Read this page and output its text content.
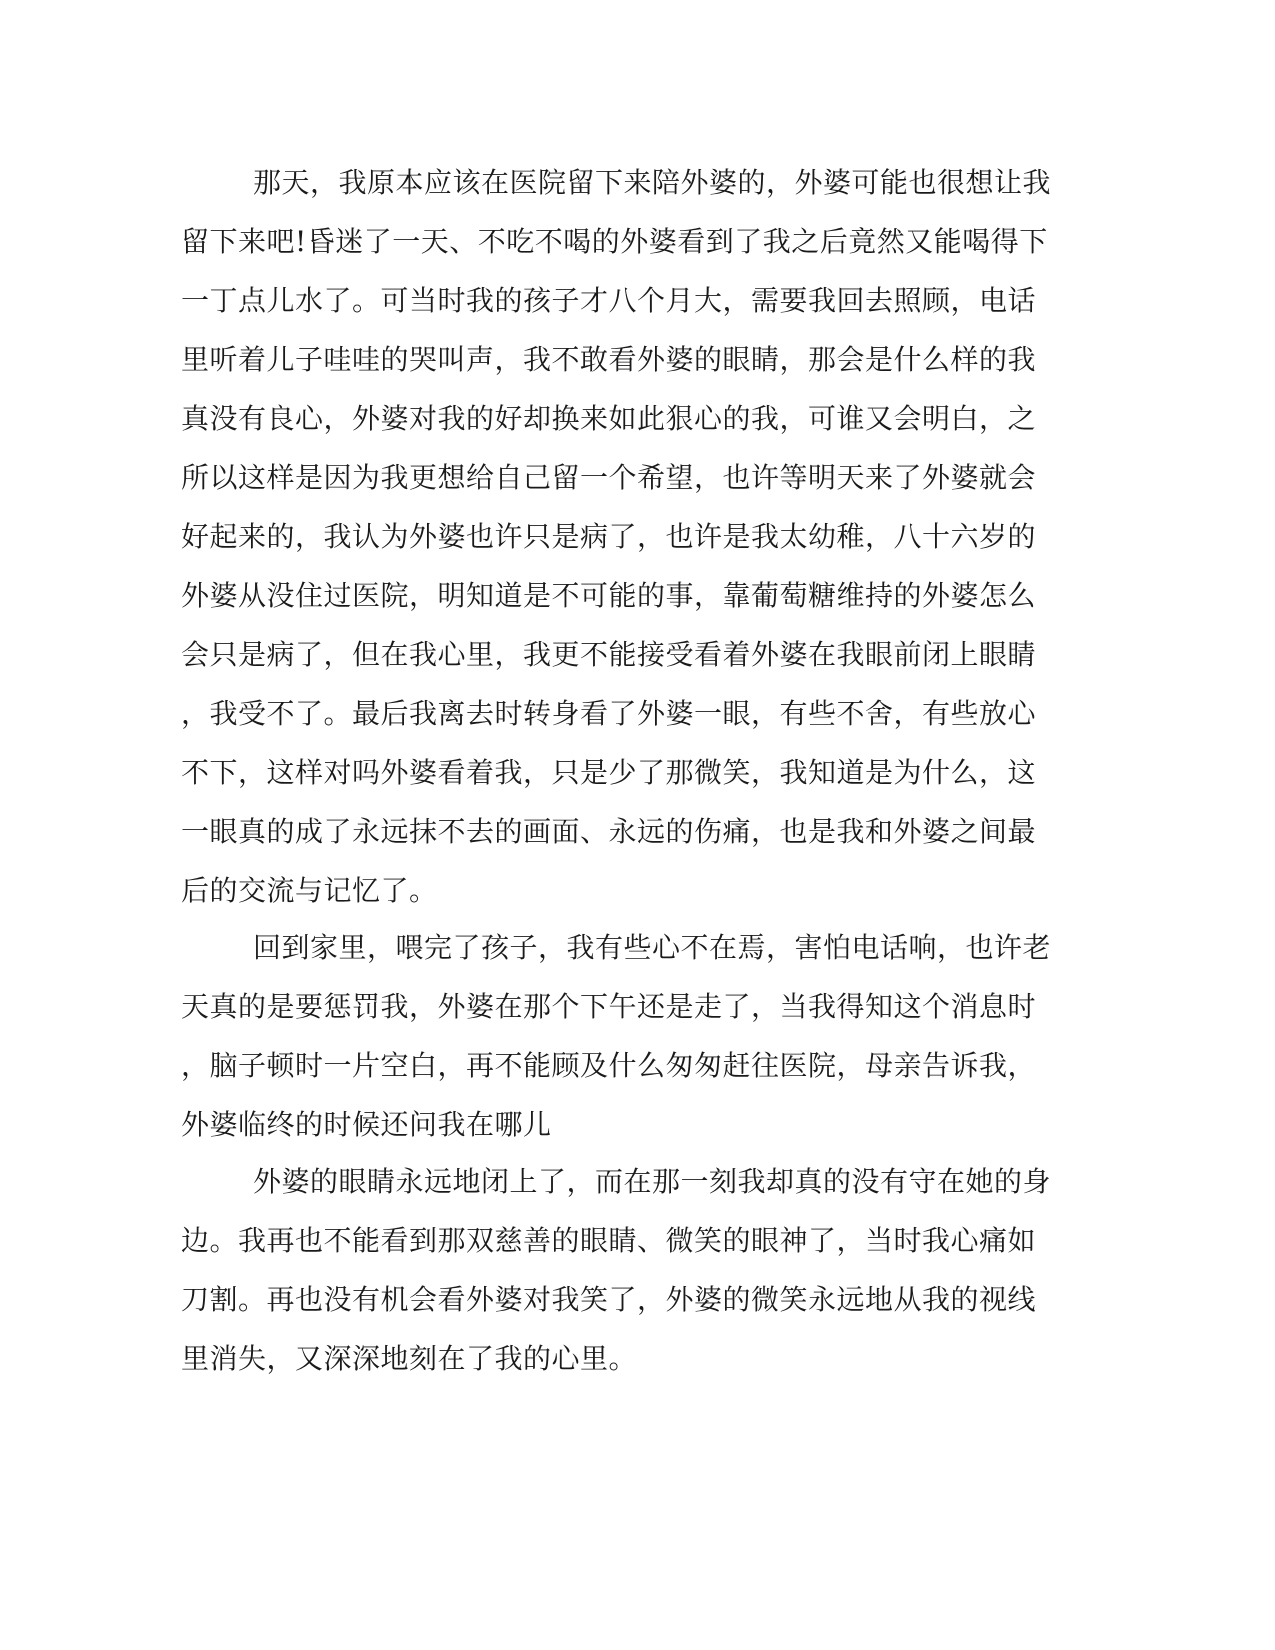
那天，我原本应该在医院留下来陪外婆的，外婆可能也很想让我
留下来吧!昏迷了一天、不吃不喝的外婆看到了我之后竟然又能喝得下
一丁点儿水了。可当时我的孩子才八个月大，需要我回去照顾，电话
里听着儿子哇哇的哭叫声，我不敢看外婆的眼睛，那会是什么样的我
真没有良心，外婆对我的好却换来如此狠心的我，可谁又会明白，之
所以这样是因为我更想给自己留一个希望，也许等明天来了外婆就会
好起来的，我认为外婆也许只是病了，也许是我太幼稚，八十六岁的
外婆从没住过医院，明知道是不可能的事，靠葡萄糖维持的外婆怎么
会只是病了，但在我心里，我更不能接受看着外婆在我眼前闭上眼睛
，我受不了。最后我离去时转身看了外婆一眼，有些不舍，有些放心
不下，这样对吗外婆看着我，只是少了那微笑，我知道是为什么，这
一眼真的成了永远抹不去的画面、永远的伤痛，也是我和外婆之间最
后的交流与记忆了。
回到家里，喂完了孩子，我有些心不在焉，害怕电话响，也许老
天真的是要惩罚我，外婆在那个下午还是走了，当我得知这个消息时
，脑子顿时一片空白，再不能顾及什么匆匆赶往医院，母亲告诉我，
外婆临终的时候还问我在哪儿
外婆的眼睛永远地闭上了，而在那一刻我却真的没有守在她的身
边。我再也不能看到那双慈善的眼睛、微笑的眼神了，当时我心痛如
刀割。再也没有机会看外婆对我笑了，外婆的微笑永远地从我的视线
里消失，又深深地刻在了我的心里。
